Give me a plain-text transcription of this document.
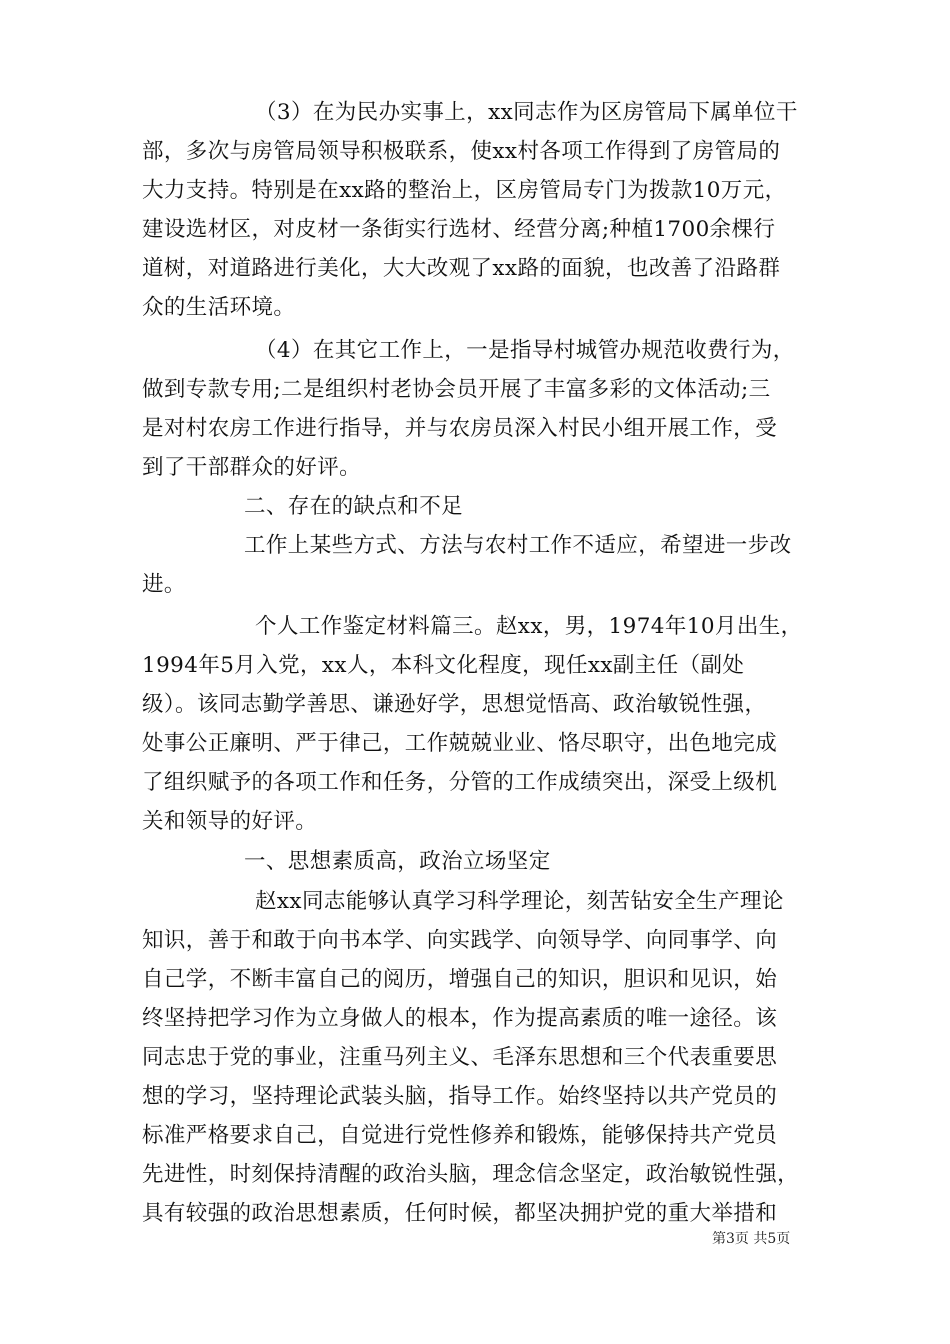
（3）在为民办实事上，xx同志作为区房管局下属单位干

部，多次与房管局领导积极联系，使xx村各项工作得到了房管局的

大力支持。特别是在xx路的整治上，区房管局专门为拨款10万元，

建设选材区，对皮材一条街实行选材、经营分离;种植1700余棵行

道树，对道路进行美化，大大改观了xx路的面貌，也改善了沿路群

众的生活环境。

（4）在其它工作上，一是指导村城管办规范收费行为，

做到专款专用;二是组织村老协会员开展了丰富多彩的文体活动;三

是对村农房工作进行指导，并与农房员深入村民小组开展工作，受

到了干部群众的好评。

二、存在的缺点和不足

工作上某些方式、方法与农村工作不适应，希望进一步改

进。

个人工作鉴定材料篇三。赵xx，男，1974年10月出生，

1994年5月入党，xx人，本科文化程度，现任xx副主任（副处

级）。该同志勤学善思、谦逊好学，思想觉悟高、政治敏锐性强，

处事公正廉明、严于律己，工作兢兢业业、恪尽职守，出色地完成

了组织赋予的各项工作和任务，分管的工作成绩突出，深受上级机

关和领导的好评。

一、思想素质高，政治立场坚定

赵xx同志能够认真学习科学理论，刻苦钻安全生产理论

知识，善于和敢于向书本学、向实践学、向领导学、向同事学、向

自己学，不断丰富自己的阅历，增强自己的知识，胆识和见识，始

终坚持把学习作为立身做人的根本，作为提高素质的唯一途径。该

同志忠于党的事业，注重马列主义、毛泽东思想和三个代表重要思

想的学习，坚持理论武装头脑，指导工作。始终坚持以共产党员的

标准严格要求自己，自觉进行党性修养和锻炼，能够保持共产党员

先进性，时刻保持清醒的政治头脑，理念信念坚定，政治敏锐性强，

具有较强的政治思想素质，任何时候，都坚决拥护党的重大举措和

第3页 共5页
